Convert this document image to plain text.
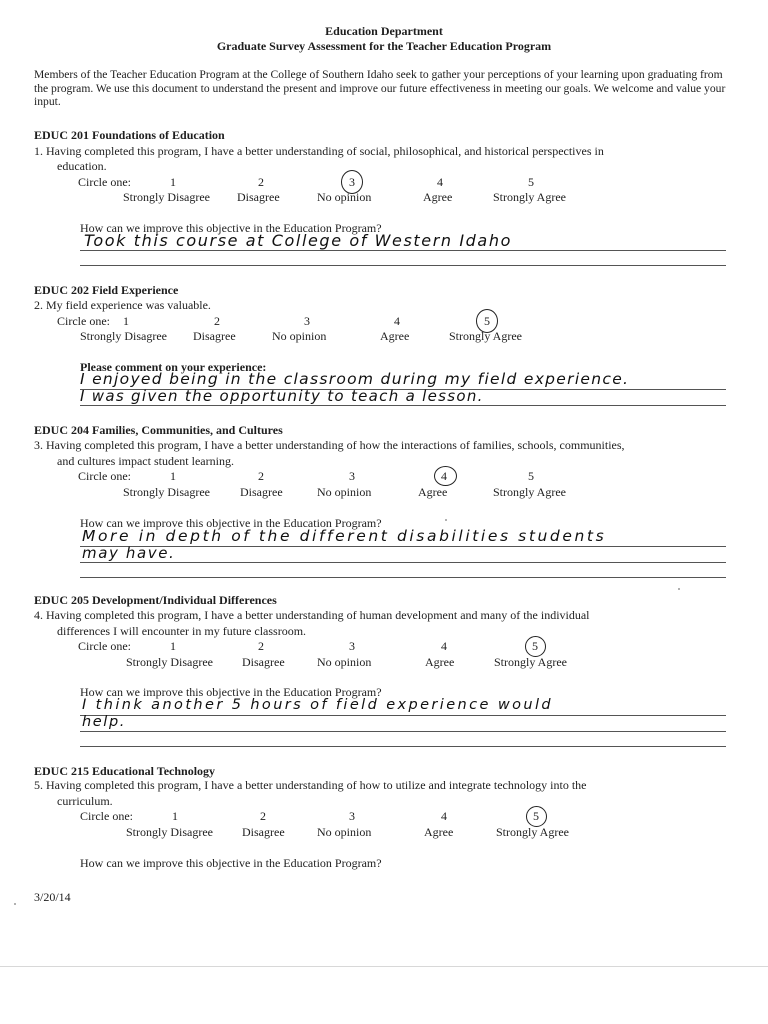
Education Department
Graduate Survey Assessment for the Teacher Education Program
Members of the Teacher Education Program at the College of Southern Idaho seek to gather your perceptions of your learning upon graduating from the program. We use this document to understand the present and improve our future effectiveness in meeting our goals. We welcome and value your input.
EDUC 201 Foundations of Education
1. Having completed this program, I have a better understanding of social, philosophical, and historical perspectives in
education.
Circle one:	1	2	3	4	5
Strongly Disagree Disagree	No opinion	Agree	Strongly Agree
How can we improve this objective in the Education Program?
Took this course at College of Western Idaho
EDUC 202 Field Experience
2. My field experience was valuable.
Circle one: 1	2	3	4	5
Strongly Disagree Disagree	No opinion	Agree	Strongly Agree
Please comment on your experience:
I enjoyed being in the classroom during my field experience.
I was given the opportunity to teach a lesson.
EDUC 204 Families, Communities, and Cultures
3. Having completed this program, I have a better understanding of how the interactions of families, schools, communities,
and cultures impact student learning.
Circle one:	1	2	3	4	5
Strongly Disagree	Disagree	No opinion	Agree	Strongly Agree
How can we improve this objective in the Education Program?
More in depth of the different disabilities students
may have.
EDUC 205 Development/Individual Differences
4. Having completed this program, I have a better understanding of human development and many of the individual
differences I will encounter in my future classroom.
Circle one:	1	2	3	4	5
Strongly Disagree Disagree	No opinion	Agree	Strongly Agree
How can we improve this objective in the Education Program?
I think another 5 hours of field experience would
help.
EDUC 215 Educational Technology
5. Having completed this program, I have a better understanding of how to utilize and integrate technology into the
curriculum.
Circle one:	1	2	3	4	5
Strongly Disagree Disagree	No opinion	Agree	Strongly Agree
How can we improve this objective in the Education Program?
3/20/14
